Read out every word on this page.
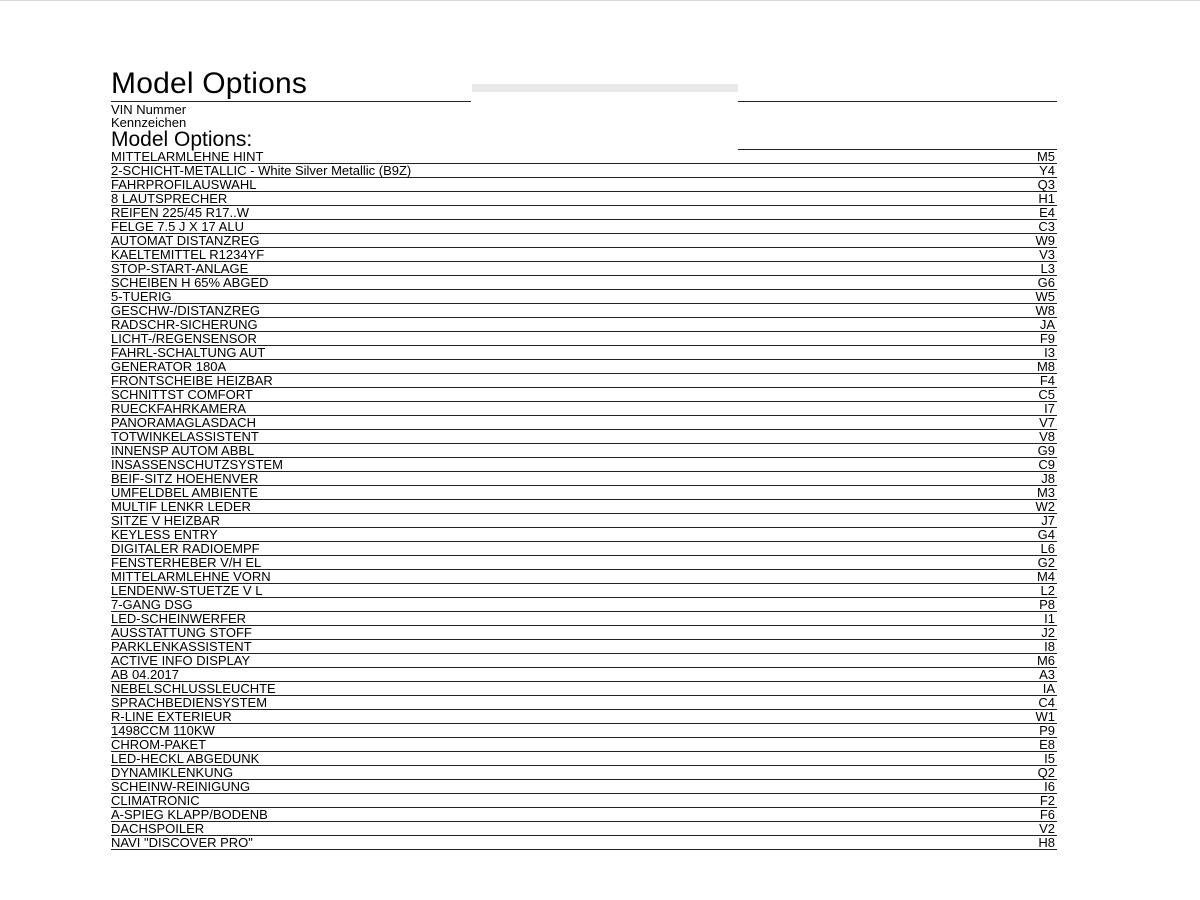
Model Options
VIN Nummer
Kennzeichen
Model Options:
MITTELARMLEHNE HINT	M5
2-SCHICHT-METALLIC - White Silver Metallic (B9Z)	Y4
FAHRPROFILAUSWAHL	Q3
8 LAUTSPRECHER	H1
REIFEN 225/45 R17..W	E4
FELGE 7.5 J X 17 ALU	C3
AUTOMAT DISTANZREG	W9
KAELTEMITTEL R1234YF	V3
STOP-START-ANLAGE	L3
SCHEIBEN H 65% ABGED	G6
5-TUERIG	W5
GESCHW-/DISTANZREG	W8
RADSCHR-SICHERUNG	JA
LICHT-/REGENSENSOR	F9
FAHRL-SCHALTUNG AUT	I3
GENERATOR 180A	M8
FRONTSCHEIBE HEIZBAR	F4
SCHNITTST COMFORT	C5
RUECKFAHRKAMERA	I7
PANORAMAGLASDACH	V7
TOTWINKELASSISTENT	V8
INNENSP AUTOM ABBL	G9
INSASSENSCHUTZSYSTEM	C9
BEIF-SITZ HOEHENVER	J8
UMFELDBEL AMBIENTE	M3
MULTIF LENKR LEDER	W2
SITZE V HEIZBAR	J7
KEYLESS ENTRY	G4
DIGITALER RADIOEMPF	L6
FENSTERHEBER V/H EL	G2
MITTELARMLEHNE VORN	M4
LENDENW-STUETZE V L	L2
7-GANG DSG	P8
LED-SCHEINWERFER	I1
AUSSTATTUNG STOFF	J2
PARKLENKASSISTENT	I8
ACTIVE INFO DISPLAY	M6
AB 04.2017	A3
NEBELSCHLUSSLEUCHTE	IA
SPRACHBEDIENSYSTEM	C4
R-LINE EXTERIEUR	W1
1498CCM 110KW	P9
CHROM-PAKET	E8
LED-HECKL ABGEDUNK	I5
DYNAMIKLENKUNG	Q2
SCHEINW-REINIGUNG	I6
CLIMATRONIC	F2
A-SPIEG KLAPP/BODENB	F6
DACHSPOILER	V2
NAVI "DISCOVER PRO"	H8
